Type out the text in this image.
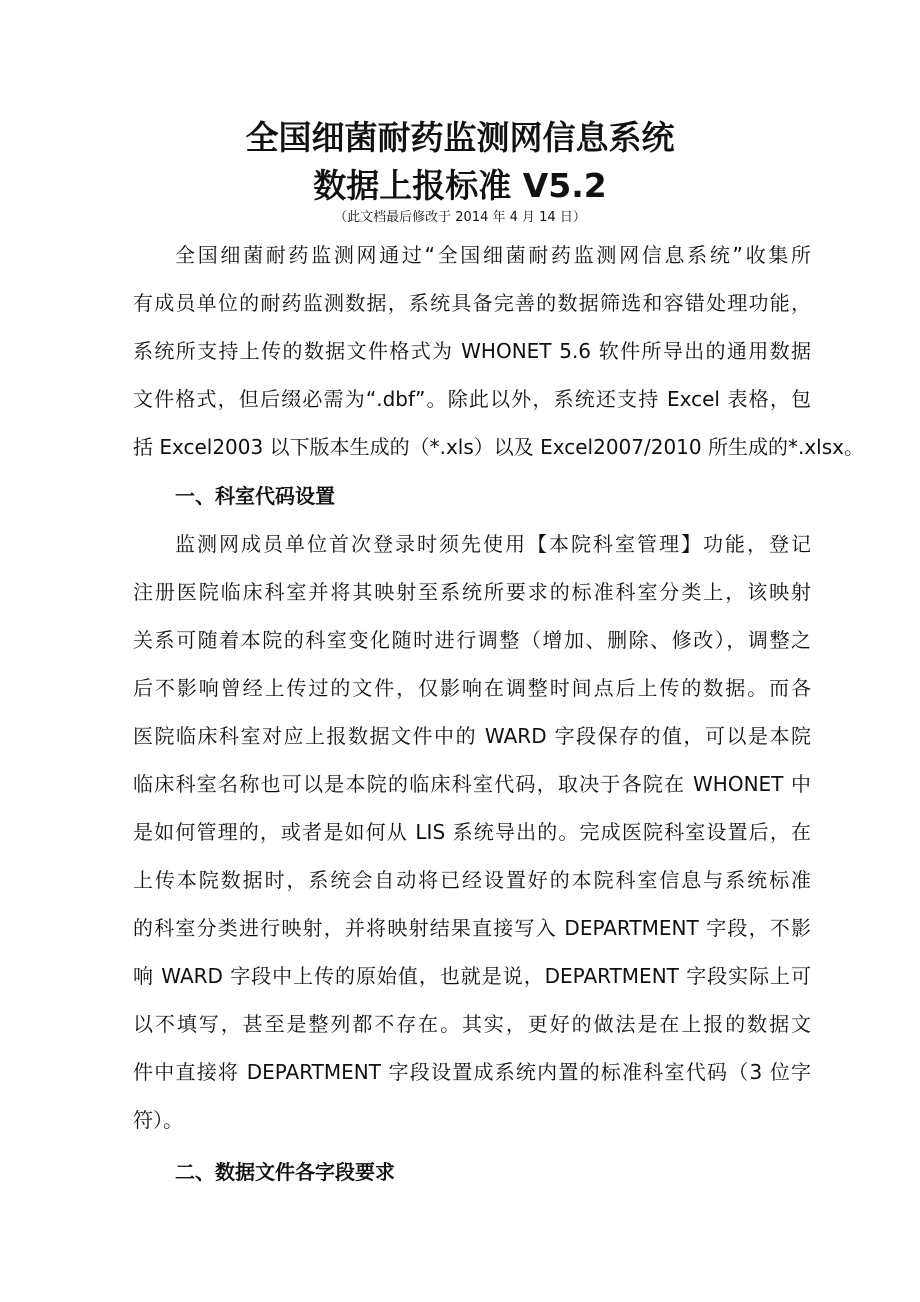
全国细菌耐药监测网信息系统
数据上报标准 V5.2
（此文档最后修改于 2014 年 4 月 14 日）
全国细菌耐药监测网通过“全国细菌耐药监测网信息系统”收集所
有成员单位的耐药监测数据，系统具备完善的数据筛选和容错处理功能，
系统所支持上传的数据文件格式为 WHONET 5.6 软件所导出的通用数据
文件格式，但后缀必需为“.dbf”。除此以外，系统还支持 Excel 表格，包
括 Excel2003 以下版本生成的（*.xls）以及 Excel2007/2010 所生成的*.xlsx。
一、科室代码设置
监测网成员单位首次登录时须先使用【本院科室管理】功能，登记
注册医院临床科室并将其映射至系统所要求的标准科室分类上，该映射
关系可随着本院的科室变化随时进行调整（增加、删除、修改），调整之
后不影响曾经上传过的文件，仅影响在调整时间点后上传的数据。而各
医院临床科室对应上报数据文件中的 WARD 字段保存的值，可以是本院
临床科室名称也可以是本院的临床科室代码，取决于各院在 WHONET 中
是如何管理的，或者是如何从 LIS 系统导出的。完成医院科室设置后，在
上传本院数据时，系统会自动将已经设置好的本院科室信息与系统标准
的科室分类进行映射，并将映射结果直接写入 DEPARTMENT 字段，不影
响 WARD 字段中上传的原始值，也就是说，DEPARTMENT 字段实际上可
以不填写，甚至是整列都不存在。其实，更好的做法是在上报的数据文
件中直接将 DEPARTMENT 字段设置成系统内置的标准科室代码（3 位字
符）。
二、数据文件各字段要求
